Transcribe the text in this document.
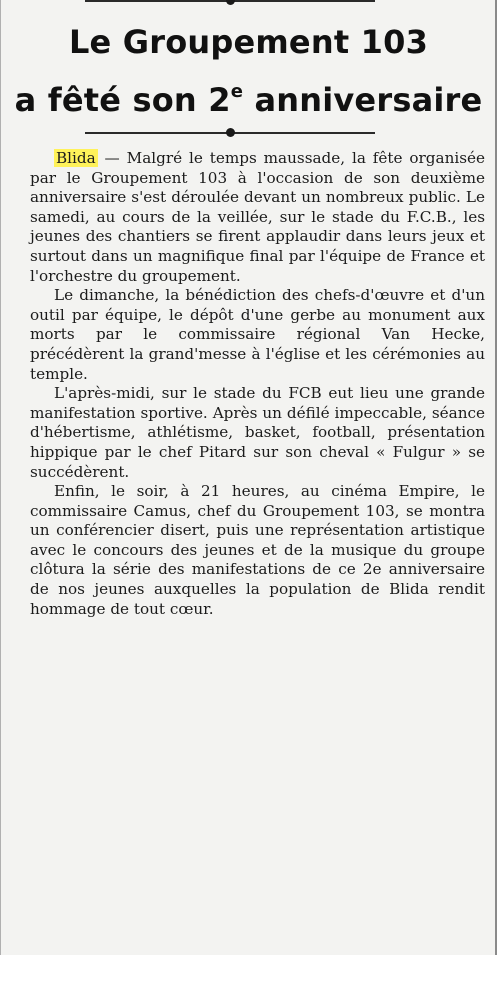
Le Groupement 103
a fêté son 2e anniversaire

Blida — Malgré le temps maussade, la fête organisée par le Groupement 103 à l'occasion de son deuxième anniversaire s'est déroulée devant un nombreux public. Le samedi, au cours de la veillée, sur le stade du F.C.B., les jeunes des chantiers se firent applaudir dans leurs jeux et surtout dans un magnifique final par l'équipe de France et l'orchestre du groupement.

Le dimanche, la bénédiction des chefs-d'œuvre et d'un outil par équipe, le dépôt d'une gerbe au monument aux morts par le commissaire régional Van Hecke, précédèrent la grand'messe à l'église et les cérémonies au temple.

L'après-midi, sur le stade du FCB eut lieu une grande manifestation sportive. Après un défilé impeccable, séance d'hébertisme, athlétisme, basket, football, présentation hippique par le chef Pitard sur son cheval « Fulgur » se succédèrent.

Enfin, le soir, à 21 heures, au cinéma Empire, le commissaire Camus, chef du Groupement 103, se montra un conférencier disert, puis une représentation artistique avec le concours des jeunes et de la musique du groupe clôtura la série des manifestations de ce 2e anniversaire de nos jeunes auxquelles la population de Blida rendit hommage de tout cœur.
